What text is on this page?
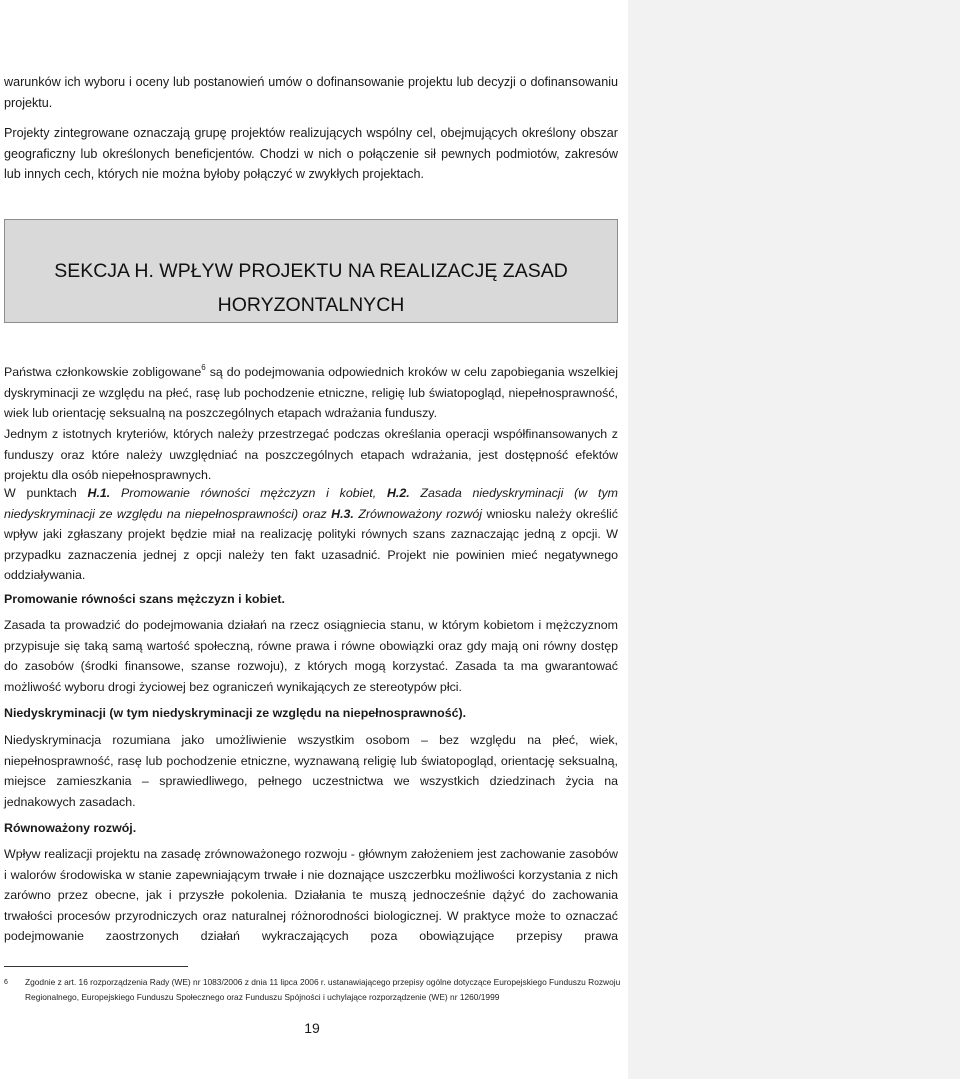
warunków ich wyboru i oceny lub postanowień umów o dofinansowanie projektu lub decyzji o dofinansowaniu projektu.

Projekty zintegrowane oznaczają grupę projektów realizujących wspólny cel, obejmujących określony obszar geograficzny lub określonych beneficjentów. Chodzi w nich o połączenie sił pewnych podmiotów, zakresów lub innych cech, których nie można byłoby połączyć w zwykłych projektach.

SEKCJA H. WPŁYW PROJEKTU NA REALIZACJĘ ZASAD
HORYZONTALNYCH

Państwa członkowskie zobligowane$^6$ są do podejmowania odpowiednich kroków w celu zapobiegania wszelkiej dyskryminacji ze względu na płeć, rasę lub pochodzenie etniczne, religię lub światopogląd, niepełnosprawność, wiek lub orientację seksualną na poszczególnych etapach wdrażania funduszy.

Jednym z istotnych kryteriów, których należy przestrzegać podczas określania operacji współfinansowanych z funduszy oraz które należy uwzględniać na poszczególnych etapach wdrażania, jest dostępność efektów projektu dla osób niepełnosprawnych.

W punktach H.1. Promowanie równości mężczyzn i kobiet, H.2. Zasada niedyskryminacji (w tym niedyskryminacji ze względu na niepełnosprawności) oraz H.3. Zrównoważony rozwój wniosku należy określić wpływ jaki zgłaszany projekt będzie miał na realizację polityki równych szans zaznaczając jedną z opcji. W przypadku zaznaczenia jednej z opcji należy ten fakt uzasadnić. Projekt nie powinien mieć negatywnego oddziaływania.

Promowanie równości szans mężczyzn i kobiet.

Zasada ta prowadzić do podejmowania działań na rzecz osiągniecia stanu, w którym kobietom i mężczyznom przypisuje się taką samą wartość społeczną, równe prawa i równe obowiązki oraz gdy mają oni równy dostęp do zasobów (środki finansowe, szanse rozwoju), z których mogą korzystać. Zasada ta ma gwarantować możliwość wyboru drogi życiowej bez ograniczeń wynikających ze stereotypów płci.

Niedyskryminacji (w tym niedyskryminacji ze względu na niepełnosprawność).

Niedyskryminacja rozumiana jako umożliwienie wszystkim osobom – bez względu na płeć, wiek, niepełnosprawność, rasę lub pochodzenie etniczne, wyznawaną religię lub światopogląd, orientację seksualną, miejsce zamieszkania – sprawiedliwego, pełnego uczestnictwa we wszystkich dziedzinach życia na jednakowych zasadach.

Równoważony rozwój.

Wpływ realizacji projektu na zasadę zrównoważonego rozwoju - głównym założeniem jest zachowanie zasobów i walorów środowiska w stanie zapewniającym trwałe i nie doznające uszczerbku możliwości korzystania z nich zarówno przez obecne, jak i przyszłe pokolenia. Działania te muszą jednocześnie dążyć do zachowania trwałości procesów przyrodniczych oraz naturalnej różnorodności biologicznej. W praktyce może to oznaczać podejmowanie zaostrzonych działań wykraczających poza obowiązujące przepisy prawa

6	Zgodnie z art. 16 rozporządzenia Rady (WE) nr 1083/2006 z dnia 11 lipca 2006 r. ustanawiającego przepisy ogólne dotyczące Europejskiego Funduszu Rozwoju Regionalnego, Europejskiego Funduszu Społecznego oraz Funduszu Spójności i uchylające rozporządzenie (WE) nr 1260/1999
19
